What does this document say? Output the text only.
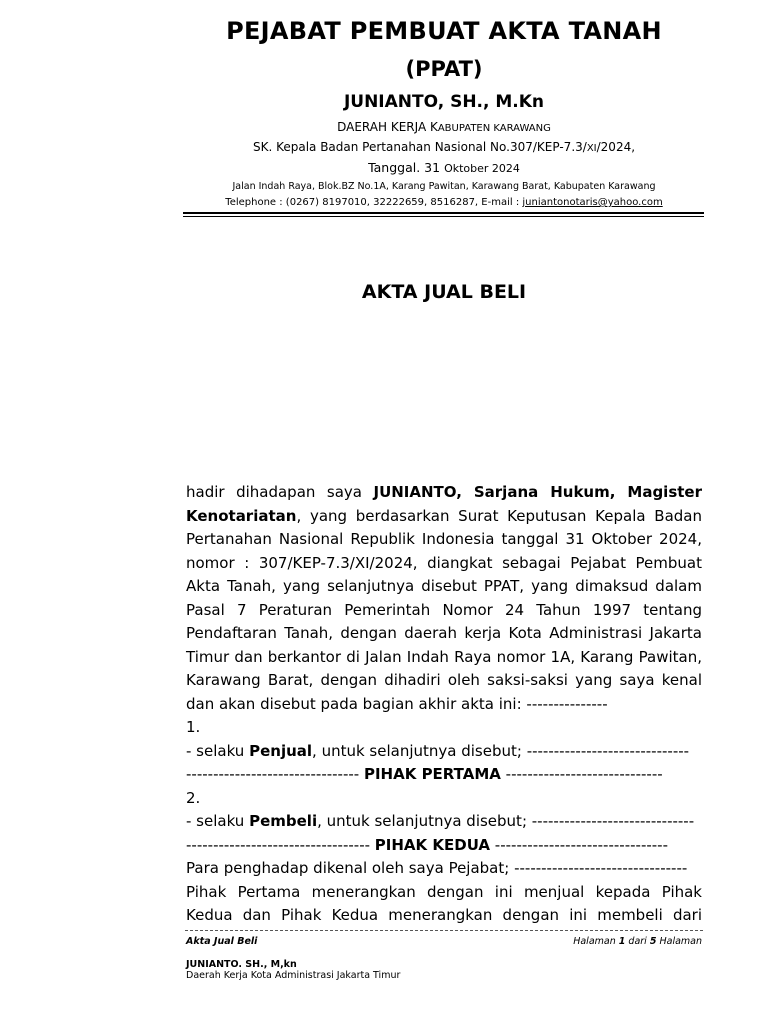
PEJABAT PEMBUAT AKTA TANAH
(PPAT)
JUNIANTO, SH., M.Kn
DAERAH KERJA KABUPATEN KARAWANG
SK. Kepala Badan Pertanahan Nasional No.307/KEP-7.3/XI/2024,
Tanggal. 31 Oktober 2024
Jalan Indah Raya, Blok.BZ No.1A, Karang Pawitan, Karawang Barat, Kabupaten Karawang
Telephone : (0267) 8197010, 32222659, 8516287, E-mail : juniantonotaris@yahoo.com
AKTA JUAL BELI
hadir dihadapan saya JUNIANTO, Sarjana Hukum, Magister Kenotariatan, yang berdasarkan Surat Keputusan Kepala Badan Pertanahan Nasional Republik Indonesia tanggal 31 Oktober 2024, nomor : 307/KEP-7.3/XI/2024, diangkat sebagai Pejabat Pembuat Akta Tanah, yang selanjutnya disebut PPAT, yang dimaksud dalam Pasal 7 Peraturan Pemerintah Nomor 24 Tahun 1997 tentang Pendaftaran Tanah, dengan daerah kerja Kota Administrasi Jakarta Timur dan berkantor di Jalan Indah Raya nomor 1A, Karang Pawitan, Karawang Barat, dengan dihadiri oleh saksi-saksi yang saya kenal dan akan disebut pada bagian akhir akta ini: ---------------
1.
- selaku Penjual, untuk selanjutnya disebut; ------------------------------
-------------------------------- PIHAK PERTAMA -----------------------------
2.
- selaku Pembeli, untuk selanjutnya disebut; ------------------------------
---------------------------------- PIHAK KEDUA --------------------------------
Para penghadap dikenal oleh saya Pejabat; --------------------------------
Pihak Pertama menerangkan dengan ini menjual kepada Pihak Kedua dan Pihak Kedua menerangkan dengan ini membeli dari
Akta Jual Beli	Halaman 1 dari 5 Halaman
JUNIANTO. SH., M,kn
Daerah Kerja Kota Administrasi Jakarta Timur
